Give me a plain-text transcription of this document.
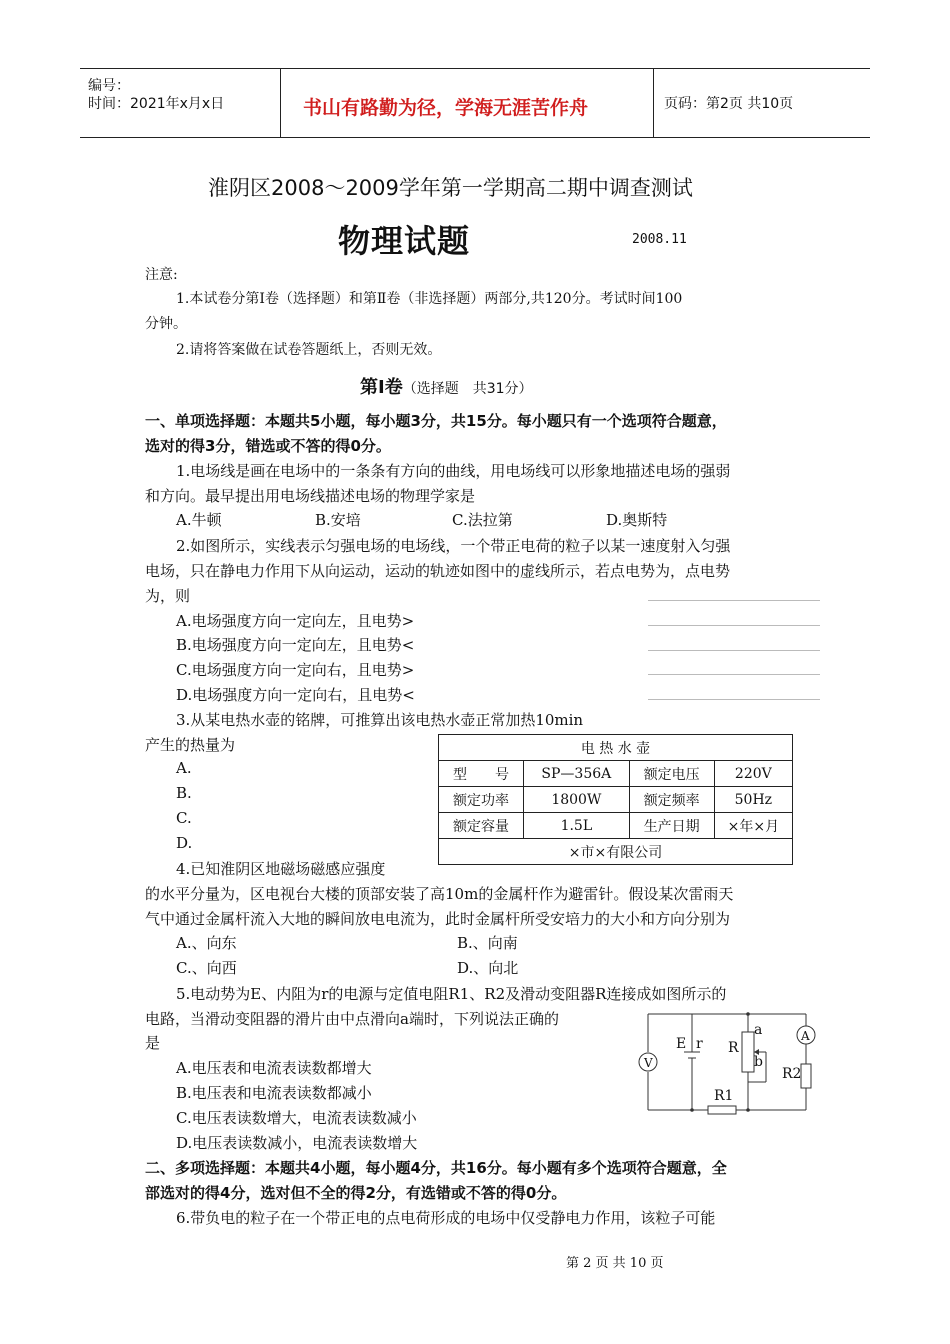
编号：
时间：2021年x月x日	书山有路勤为径，学海无涯苦作舟	页码：第2页 共10页
淮阴区2008～2009学年第一学期高二期中调查测试
物理试题	2008.11
注意:
1.本试卷分第Ⅰ卷（选择题）和第Ⅱ卷（非选择题）两部分,共120分。考试时间100
分钟。
2.请将答案做在试卷答题纸上，否则无效。
第Ⅰ卷（选择题　共31分）
一、单项选择题：本题共5小题，每小题3分，共15分。每小题只有一个选项符合题意，
选对的得3分，错选或不答的得0分。
1.电场线是画在电场中的一条条有方向的曲线，用电场线可以形象地描述电场的强弱
和方向。最早提出用电场线描述电场的物理学家是
A.牛顿	B.安培	C.法拉第	D.奥斯特
2.如图所示，实线表示匀强电场的电场线，一个带正电荷的粒子以某一速度射入匀强
电场，只在静电力作用下从向运动，运动的轨迹如图中的虚线所示，若点电势为，点电势
为，则
A.电场强度方向一定向左，且电势>
B.电场强度方向一定向左，且电势<
C.电场强度方向一定向右，且电势>
D.电场强度方向一定向右，且电势<
3.从某电热水壶的铭牌，可推算出该电热水壶正常加热10min
产生的热量为
A.
B.
C.
D.
电 热 水 壶			
型　　号	SP—356A	额定电压	220V
额定功率	1800W	额定频率	50Hz
额定容量	1.5L	生产日期	×年×月
×市×有限公司			
4.已知淮阴区地磁场磁感应强度
的水平分量为，区电视台大楼的顶部安装了高10m的金属杆作为避雷针。假设某次雷雨天
气中通过金属杆流入大地的瞬间放电电流为，此时金属杆所受安培力的大小和方向分别为
A.、向东	B.、向南
C.、向西	D.、向北
5.电动势为E、内阻为r的电源与定值电阻R1、R2及滑动变阻器R连接成如图所示的
电路，当滑动变阻器的滑片由中点滑向a端时，下列说法正确的
是
A.电压表和电流表读数都增大
B.电压表和电流表读数都减小
C.电压表读数增大，电流表读数减小
D.电压表读数减小，电流表读数增大
V
A
E r R
a
b
R1
R2
二、多项选择题：本题共4小题，每小题4分，共16分。每小题有多个选项符合题意，全
部选对的得4分，选对但不全的得2分，有选错或不答的得0分。
6.带负电的粒子在一个带正电的点电荷形成的电场中仅受静电力作用，该粒子可能
第 2 页 共 10 页
